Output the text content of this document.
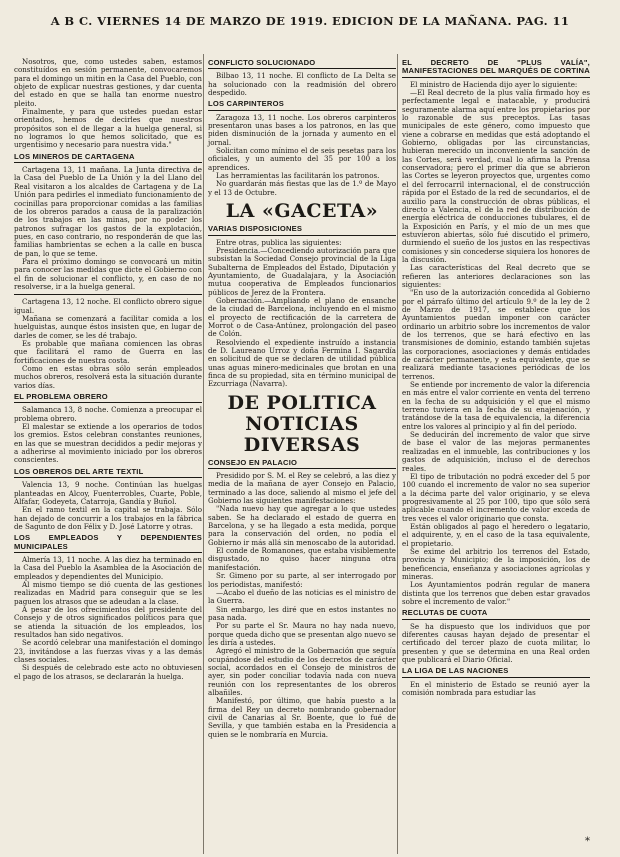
A B C. VIERNES 14 DE MARZO DE 1919. EDICION DE LA MAÑANA. PAG. 11

Nosotros, que, como ustedes saben, estamos constituídos en sesión permanente, convocaremos para el domingo un mitin en la Casa del Pueblo, con objeto de explicar nuestras gestiones, y dar cuenta del estado en que se halla tan enorme nuestro pleito.

Finalmente, y para que ustedes puedan estar orientados, hemos de decirles que nuestros propósitos son el de llegar a la huelga general, si no logramos lo que hemos solicitado, que es urgentísimo y necesario para nuestra vida."

LOS MINEROS DE CARTAGENA

Cartagena 13, 11 mañana. La Junta directiva de la Casa del Pueblo de La Unión y la del Llano del Real visitaron a los alcaldes de Cartagena y de La Unión para pedirles el inmediato funcionamiento de cocinillas para proporcionar comidas a las familias de los obreros parados a causa de la paralización de los trabajos en las minas, por no poder los patronos sufragar los gastos de la explotación, pues, en caso contrario, no responderán de que las familias hambrientas se echen a la calle en busca de pan, lo que se teme.

Para el próximo domingo se convocará un mitin para conocer las medidas que dicte el Gobierno con el fin de solucionar el conflicto, y, en caso de no resolverse, ir a la huelga general.

Cartagena 13, 12 noche. El conflicto obrero sigue igual.

Mañana se comenzará a facilitar comida a los huelguistas, aunque éstos insisten que, en lugar de darles de comer, se les dé trabajo.

Es probable que mañana comiencen las obras que facilitará el ramo de Guerra en las fortificaciones de nuestra costa.

Como en estas obras sólo serán empleados muchos obreros, resolverá esta la situación durante varios días.

EL PROBLEMA OBRERO

Salamanca 13, 8 noche. Comienza a preocupar el problema obrero.

El malestar se extiende a los operarios de todos los gremios. Estos celebran constantes reuniones, en las que se muestran decididos a pedir mejoras y a adherirse al movimiento iniciado por los obreros conscientes.

LOS OBREROS DEL ARTE TEXTIL

Valencia 13, 9 noche. Continúan las huelgas planteadas en Alcoy, Fuenterrobles, Cuarte, Poble, Alfafar, Godeyeta, Catarroja, Gandía y Buñol.

En el ramo textil en la capital se trabaja. Sólo han dejado de concurrir a los trabajos en la fábrica de Sagunto de don Félix y D. José Latorre y otras.

LOS EMPLEADOS Y DEPENDIENTES MUNICIPALES

Almería 13, 11 noche. A las diez ha terminado en la Casa del Pueblo la Asamblea de la Asociación de empleados y dependientes del Municipio.

Al mismo tiempo se dió cuenta de las gestiones realizadas en Madrid para conseguir que se les paguen los atrasos que se adeudan a la clase.

A pesar de los ofrecimientos del presidente del Consejo y de otros significados políticos para que se atienda la situación de los empleados, los resultados han sido negativos.

Se acordó celebrar una manifestación el domingo 23, invitándose a las fuerzas vivas y a las demás clases sociales.

Si después de celebrado este acto no obtuviesen el pago de los atrasos, se declararán la huelga.

CONFLICTO SOLUCIONADO

Bilbao 13, 11 noche. El conflicto de La Delta se ha solucionado con la readmisión del obrero despedido.

LOS CARPINTEROS

Zaragoza 13, 11 noche. Los obreros carpinteros presentaron unas bases a los patronos, en las que piden disminución de la jornada y aumento en el jornal.

Solicitan como mínimo el de seis pesetas para los oficiales, y un aumento del 35 por 100 a los aprendices.

Las herramientas las facilitarán los patronos.

No guardarán más fiestas que las de 1.º de Mayo y el 13 de Octubre.

LA «GACETA»
VARIAS DISPOSICIONES

Entre otras, publica las siguientes:

Presidencia.—Concediendo autorización para que subsistan la Sociedad Consejo provincial de la Liga Subalterna de Empleados del Estado, Diputación y Ayuntamiento, de Guadalajara, y la Asociación mutua cooperativa de Empleados funcionarios públicos de Jerez de la Frontera.

Gobernación.—Ampliando el plano de ensanche de la ciudad de Barcelona, incluyendo en el mismo el proyecto de rectificación de la carretera de Morrot o de Casa-Antúnez, prolongación del paseo de Colón.

Resolviendo el expediente instruído a instancia de D. Laureano Urroz y doña Fermina I. Sagardía en solicitud de que se declaren de utilidad pública unas aguas minero-medicinales que brotan en una finca de su propiedad, sita en término municipal de Ezcurriaga (Navarra).

DE POLITICA
NOTICIAS DIVERSAS
CONSEJO EN PALACIO

Presidido por S. M. el Rey se celebró, a las diez y media de la mañana de ayer Consejo en Palacio, terminado a las doce, saliendo al mismo el jefe del Gobierno las siguientes manifestaciones:

"Nada nuevo hay que agregar a lo que ustedes saben. Se ha declarado el estado de guerra en Barcelona, y se ha llegado a esta medida, porque para la conservación del orden, no podía el Gobierno ir más allá sin menoscabo de la autoridad.

El conde de Romanones, que estaba visiblemente disgustado, no quiso hacer ninguna otra manifestación.

Sr. Gimeno por su parte, al ser interrogado por los periodistas, manifestó:

—Acabo el dueño de las noticias es el ministro de la Guerra.

Sin embargo, les diré que en estos instantes no pasa nada.

Por su parte el Sr. Maura no hay nada nuevo, porque queda dicho que se presentan algo nuevo se les diría a ustedes.

Agregó el ministro de la Gobernación que seguía ocupándose del estudio de los decretos de carácter social, acordados en el Consejo de ministros de ayer, sin poder conciliar todavía nada con nueva reunión con los representantes de los obreros albañiles.

Manifestó, por último, que había puesto a la firma del Rey un decreto nombrando gobernador civil de Canarias al Sr. Boente, que lo fué de Sevilla, y que también estaba en la Presidencia a quien se le nombraría en Murcia.

EL DECRETO DE "PLUS VALÍA", MANIFESTACIONES DEL MARQUÉS DE CORTINA

El ministro de Hacienda dijo ayer lo siguiente:

—El Real decreto de la plus valía firmado hoy es perfectamente legal e inatacable, y producirá seguramente alarma aquí entre los propietarios por lo razonable de sus preceptos. Las tasas municipales de este género, como impuesto que viene a cobrarse en medidas que está adoptando el Gobierno, obligadas por las circunstancias, hubieran merecido un inconveniente la sanción de las Cortes, será verdad, cual lo afirma la Prensa conservadora; pero el primer día que se abrieron las Cortes se leyeron proyectos que, urgentes como el del ferrocarril internacional, el de construcción rápida por el Estado de la red de secundarios, el de auxilio para la construcción de obras públicas, el directo a Valencia, el de la red de distribución de energía eléctrica de conducciones tubulares, el de la Exposición en París, y el mío de un mes que estuvieron abiertas, sólo fué discutido el primero, durmiendo el sueño de los justos en las respectivas comisiones y sin concederse siquiera los honores de la discusión.

Las características del Real decreto que se refieren las anteriores declaraciones son las siguientes:

"En uso de la autorización concedida al Gobierno por el párrafo último del artículo 9.º de la ley de 2 de Marzo de 1917, se establece que los Ayuntamientos puedan imponer con carácter ordinario un arbitrio sobre los incrementos de valor de los terrenos, que se hará efectivo en las transmisiones de dominio, estando también sujetas las corporaciones, asociaciones y demás entidades de carácter permanente, y esta equivalente, que se realizará mediante tasaciones periódicas de los terrenos.

Se entiende por incremento de valor la diferencia en más entre el valor corriente en venta del terreno en la fecha de su adquisición y el que el mismo terreno tuviera en la fecha de su enajenación, y tratándose de la tasa de equivalencia, la diferencia entre los valores al principio y al fin del período.

Se deducirán del incremento de valor que sirve de base el valor de las mejoras permanentes realizadas en el inmueble, las contribuciones y los gastos de adquisición, incluso el de derechos reales.

El tipo de tributación no podrá exceder del 5 por 100 cuando el incremento de valor no sea superior a la décima parte del valor originario, y se eleva progresivamente al 25 por 100, tipo que sólo será aplicable cuando el incremento de valor exceda de tres veces el valor originario que consta.

Están obligados al pago el heredero o legatario, el adquirente, y, en el caso de la tasa equivalente, el propietario.

Se exime del arbitrio los terrenos del Estado, provincia y Municipio; de la imposición, los de beneficencia, enseñanza y asociaciones agrícolas y mineras.

Los Ayuntamientos podrán regular de manera distinta que los terrenos que deben estar gravados sobre el incremento de valor."

RECLUTAS DE CUOTA

Se ha dispuesto que los individuos que por diferentes causas hayan dejado de presentar el certificado del tercer plazo de cuota militar, lo presenten y que se determina en una Real orden que publicará el Diario Oficial.

LA LIGA DE LAS NACIONES

En el ministerio de Estado se reunió ayer la comisión nombrada para estudiar las

*
